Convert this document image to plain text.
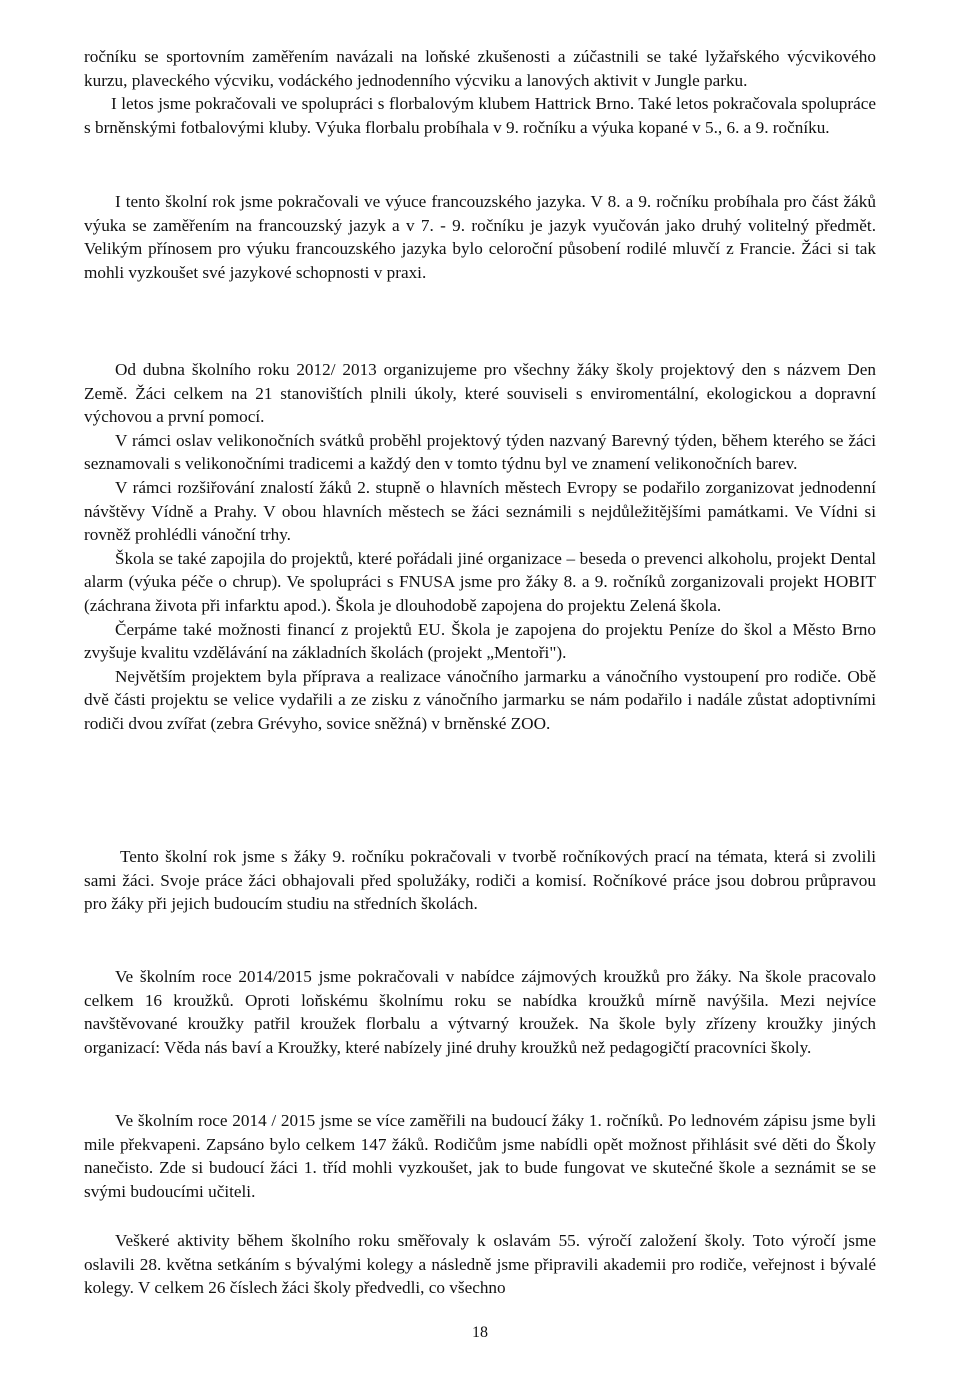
ročníku se sportovním zaměřením navázali na loňské zkušenosti a zúčastnili se také lyžařského výcvikového kurzu, plaveckého výcviku, vodáckého jednodenního výcviku a lanových aktivit v Jungle parku.

I letos jsme pokračovali ve spolupráci s florbalovým klubem Hattrick Brno. Také letos pokračovala spolupráce s brněnskými fotbalovými kluby. Výuka florbalu probíhala v 9. ročníku a výuka kopané v 5., 6. a 9. ročníku.

I tento školní rok jsme pokračovali ve výuce francouzského jazyka. V 8. a 9. ročníku probíhala pro část žáků výuka se zaměřením na francouzský jazyk a v 7. - 9. ročníku je jazyk vyučován jako druhý volitelný předmět. Velikým přínosem pro výuku francouzského jazyka bylo celoroční působení rodilé mluvčí z Francie. Žáci si tak mohli vyzkoušet své jazykové schopnosti v praxi.

Od dubna školního roku 2012/ 2013 organizujeme pro všechny žáky školy projektový den s názvem Den Země. Žáci celkem na 21 stanovištích plnili úkoly, které souviseli s enviromentální, ekologickou a dopravní výchovou a první pomocí.

V rámci oslav velikonočních svátků proběhl projektový týden nazvaný Barevný týden, během kterého se žáci seznamovali s velikonočními tradicemi a každý den v tomto týdnu byl ve znamení velikonočních barev.

V rámci rozšiřování znalostí žáků 2. stupně o hlavních městech Evropy se podařilo zorganizovat jednodenní návštěvy Vídně a Prahy. V obou hlavních městech se žáci seznámili s nejdůležitějšími památkami. Ve Vídni si rovněž prohlédli vánoční trhy.

Škola se také zapojila do projektů, které pořádali jiné organizace – beseda o prevenci alkoholu, projekt Dental alarm (výuka péče o chrup). Ve spolupráci s FNUSA jsme pro žáky 8. a 9. ročníků zorganizovali projekt HOBIT (záchrana života při infarktu apod.). Škola je dlouhodobě zapojena do projektu Zelená škola.

Čerpáme také možnosti financí z projektů EU. Škola je zapojena do projektu Peníze do škol a Město Brno zvyšuje kvalitu vzdělávání na základních školách (projekt „Mentoři").

Největším projektem byla příprava a realizace vánočního jarmarku a vánočního vystoupení pro rodiče. Obě dvě části projektu se velice vydařili a ze zisku z vánočního jarmarku se nám podařilo i nadále zůstat adoptivními rodiči dvou zvířat (zebra Grévyho, sovice sněžná) v brněnské ZOO.

Tento školní rok jsme s žáky 9. ročníku pokračovali v tvorbě ročníkových prací na témata, která si zvolili sami žáci. Svoje práce žáci obhajovali před spolužáky, rodiči a komisí. Ročníkové práce jsou dobrou průpravou pro žáky při jejich budoucím studiu na středních školách.

Ve školním roce 2014/2015 jsme pokračovali v nabídce zájmových kroužků pro žáky. Na škole pracovalo celkem 16 kroužků. Oproti loňskému školnímu roku se nabídka kroužků mírně navýšila. Mezi nejvíce navštěvované kroužky patřil kroužek florbalu a výtvarný kroužek. Na škole byly zřízeny kroužky jiných organizací: Věda nás baví a Kroužky, které nabízely jiné druhy kroužků než pedagogičtí pracovníci školy.

Ve školním roce 2014 / 2015 jsme se více zaměřili na budoucí žáky 1. ročníků. Po lednovém zápisu jsme byli mile překvapeni. Zapsáno bylo celkem 147 žáků. Rodičům jsme nabídli opět možnost přihlásit své děti do Školy nanečisto. Zde si budoucí žáci 1. tříd mohli vyzkoušet, jak to bude fungovat ve skutečné škole a seznámit se se svými budoucími učiteli.

Veškeré aktivity během školního roku směřovaly k oslavám 55. výročí založení školy. Toto výročí jsme oslavili 28. května setkáním s bývalými kolegy a následně jsme připravili akademii pro rodiče, veřejnost i bývalé kolegy. V celkem 26 číslech žáci školy předvedli, co všechno

18
